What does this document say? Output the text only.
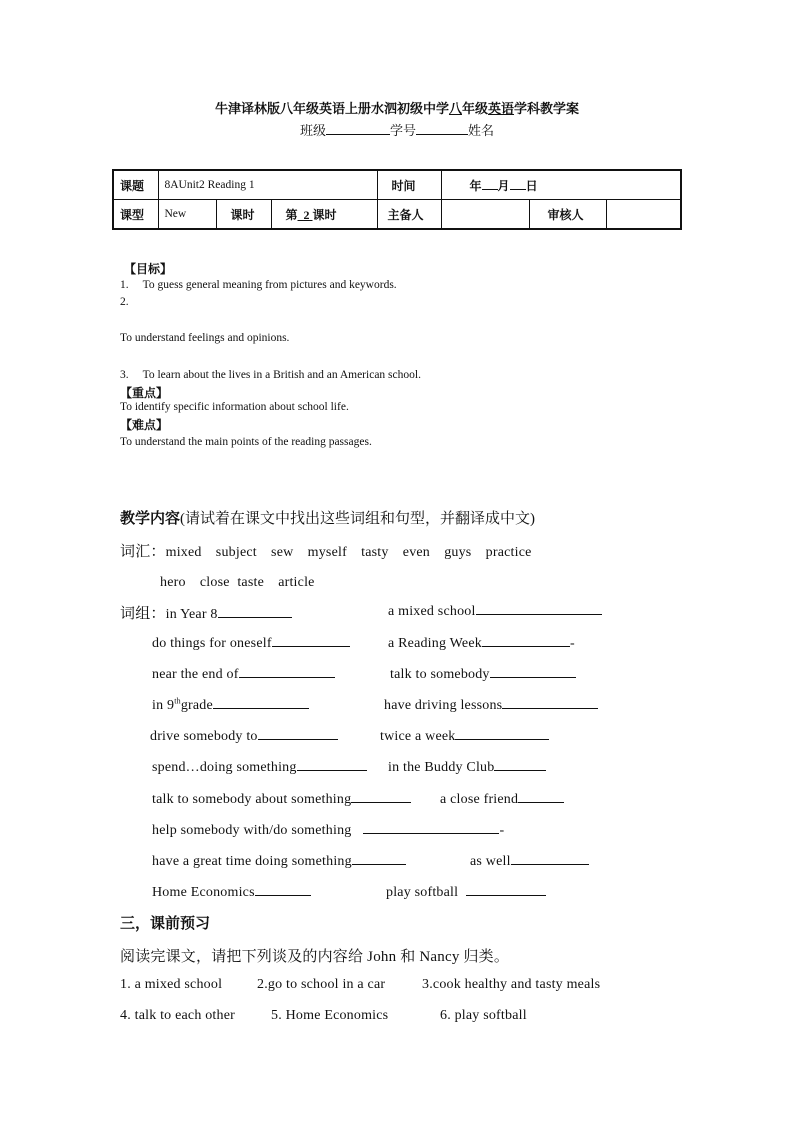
牛津译林版八年级英语上册水泗初级中学八年级英语学科教学案
班级	学号	姓名
课题	8AUnit2 Reading 1			时间	年 月 日		
课型	New	课时	第 2 课时	主备人		审核人	
【目标】
1. To guess general meaning from pictures and keywords.
2.
To understand feelings and opinions.
3. To learn about the lives in a British and an American school.
【重点】
To identify specific information about school life.
【难点】
To understand the main points of the reading passages.
教学内容(请试着在课文中找出这些词组和句型，并翻译成中文)
词汇：mixed　subject　sew　myself　tasty　even　guys　practice
hero　close taste　article
词组：in Year 8	a mixed school
do things for oneself	a Reading Week	-
near the end of	talk to somebody
in 9thgrade	have driving lessons
drive somebody to	twice a week
spend…doing something	in the Buddy Club
talk to somebody about something	a close friend
help somebody with/do something	-
have a great time doing something	as well
Home Economics	play softball
三，课前预习
阅读完课文，请把下列谈及的内容给 John 和 Nancy 归类。
1. a mixed school 2.go to school in a car	3.cook healthy and tasty meals
4. talk to each other	5. Home Economics	6. play softball
